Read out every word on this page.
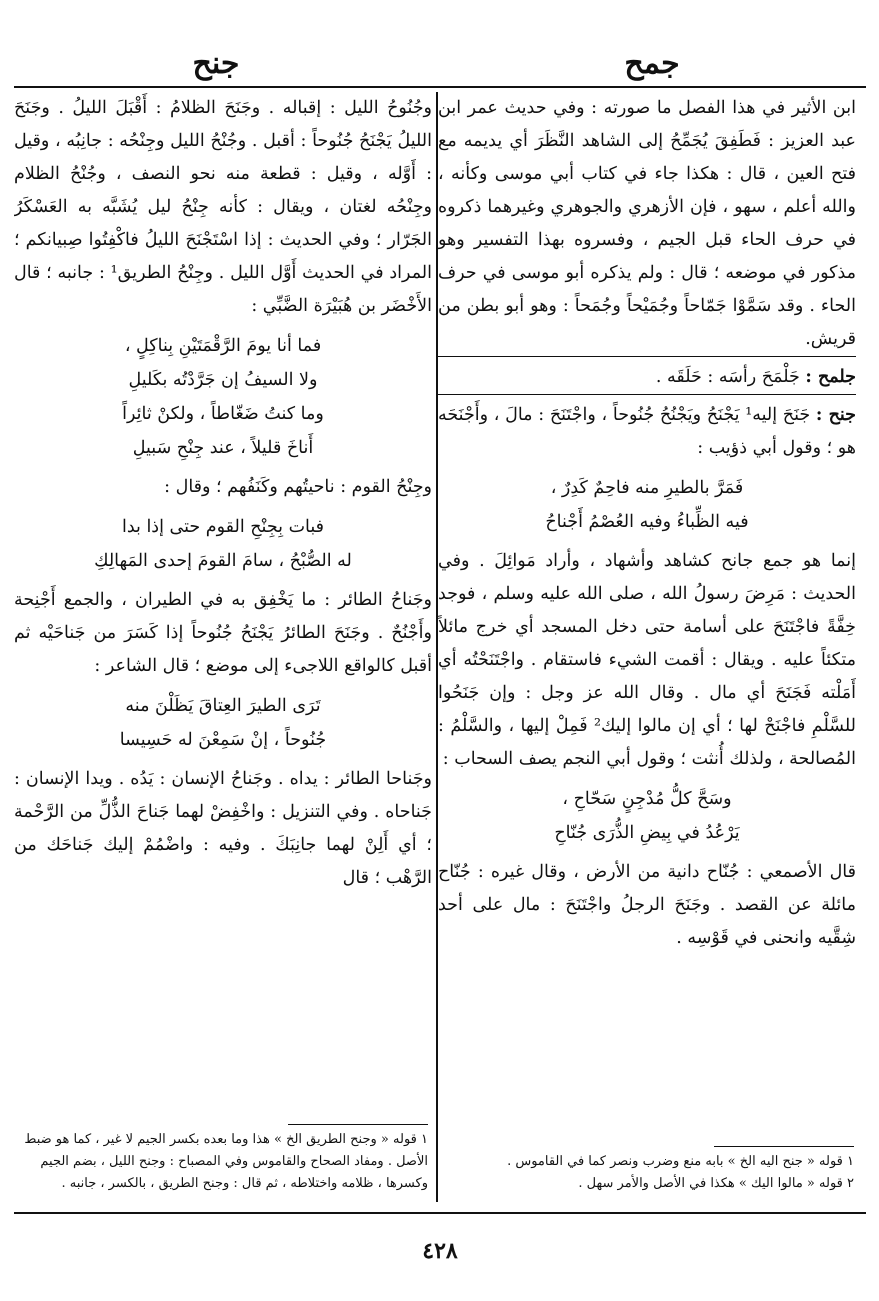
جمح
جنح

ابن الأثير في هذا الفصل ما صورته : وفي حديث عمر ابن عبد العزيز : فَطَفِقَ يُجَمِّحُ إلى الشاهد النَّظَرَ أي يديمه مع فتح العين ، قال : هكذا جاء في كتاب أبي موسى وكأنه ، والله أعلم ، سهو ، فإن الأزهري والجوهري وغيرهما ذكروه في حرف الحاء قبل الجيم ، وفسروه بهذا التفسير وهو مذكور في موضعه ؛ قال : ولم يذكره أبو موسى في حرف الحاء . وقد سَمَّوْا جَمّاحاً وجُمَيْحاً وجُمَحاً : وهو أبو بطن من قريش.

جلمح : جَلْمَحَ رأسَه : حَلَقَه .

جنح : جَنَحَ إليه¹ يَجْنَحُ ويَجْنُحُ جُنُوحاً ، واجْتَنَحَ : مالَ ، وأَجْنَحَه هو ؛ وقول أبي ذؤيب :

فَمَرَّ بالطيرِ منه فاحِمٌ كَدِرٌ ،
فيه الظِّباءُ وفيه العُصْمُ أَجْناحُ

إنما هو جمع جانح كشاهد وأشهاد ، وأراد مَوائِلَ . وفي الحديث : مَرِضَ رسولُ الله ، صلى الله عليه وسلم ، فوجد خِفَّةً فاجْتَنَحَ على أسامة حتى دخل المسجد أي خرج مائلاً متكئاً عليه . ويقال : أقمت الشيء فاستقام . واجْتَنَحْتُه أي أَمَلْته فَجَنَحَ أي مال . وقال الله عز وجل : وإن جَنَحُوا للسَّلْمِ فاجْنَحْ لها ؛ أي إن مالوا إليك² فَمِلْ إليها ، والسَّلْمُ : المُصالحة ، ولذلك أُنثت ؛ وقول أبي النجم يصف السحاب :

وسَحَّ كلُّ مُدْجِنٍ سَحّاحِ ،
يَرْعُدُ في بِيضِ الذُّرَى جُنّاحِ

قال الأصمعي : جُنّاح دانية من الأرض ، وقال غيره : جُنّاح مائلة عن القصد . وجَنَحَ الرجلُ واجْتَنَحَ : مال على أحد شِقَّيه وانحنى في قَوْسِه .

وجُنُوحُ الليل : إقباله . وجَنَحَ الظلامُ : أَقْبَلَ الليلُ . وجَنَحَ الليلُ يَجْنَحُ جُنُوحاً : أقبل . وجُنْحُ الليل وجِنْحُه : جانِبُه ، وقيل : أَوَّله ، وقيل : قطعة منه نحو النصف ، وجُنْحُ الظلام وجِنْحُه لغتان ، ويقال : كأنه جِنْحُ ليل يُشَبَّه به العَسْكَرُ الجَرّار ؛ وفي الحديث : إذا اسْتَجْنَحَ الليلُ فاكْفِتُوا صِبيانكم ؛ المراد في الحديث أَوَّل الليل . وجِنْحُ الطريق¹ : جانبه ؛ قال الأَخْضَر بن هُبَيْرَة الضَّبِّي :

فما أنا يومَ الرَّقْمَتَيْنِ بِناكِلٍ ،
ولا السيفُ إن جَرَّدْتُه بكَليلِ
وما كنتُ ضَغّاطاً ، ولكنْ ثائِراً
أَناخَ قليلاً ، عند جِنْحِ سَبيلِ

وجِنْحُ القوم : ناحيتُهم وكَنَفُهم ؛ وقال :

فبات بِجِنْحِ القوم حتى إذا بدا
له الصُّبْحُ ، سامَ القومَ إحدى المَهالِكِ

وجَناحُ الطائر : ما يَخْفِق به في الطيران ، والجمع أَجْنِحة وأَجْنُحٌ . وجَنَحَ الطائرُ يَجْنَحُ جُنُوحاً إذا كَسَرَ من جَناحَيْه ثم أقبل كالواقع اللاجىء إلى موضع ؛ قال الشاعر :

تَرَى الطيرَ العِتاقَ يَظَلْنَ منه
جُنُوحاً ، إنْ سَمِعْنَ له حَسِيسا

وجَناحا الطائر : يداه . وجَناحُ الإنسان : يَدُه . ويدا الإنسان : جَناحاه . وفي التنزيل : واخْفِضْ لهما جَناحَ الذُّلِّ من الرَّحْمة ؛ أي أَلِنْ لهما جانِبَكَ . وفيه : واضْمُمْ إليك جَناحَك من الرَّهْب ؛ قال

١ قوله « جنح اليه الخ » بابه منع وضرب ونصر كما في القاموس .
٢ قوله « مالوا اليك » هكذا في الأصل والأمر سهل .
١ قوله « وجنح الطريق الخ » هذا وما بعده بكسر الجيم لا غير ، كما هو ضبط الأصل . ومفاد الصحاح والقاموس وفي المصباح : وجنح الليل ، بضم الجيم وكسرها ، ظلامه واختلاطه ، ثم قال : وجنح الطريق ، بالكسر ، جانبه .
٤٢٨
